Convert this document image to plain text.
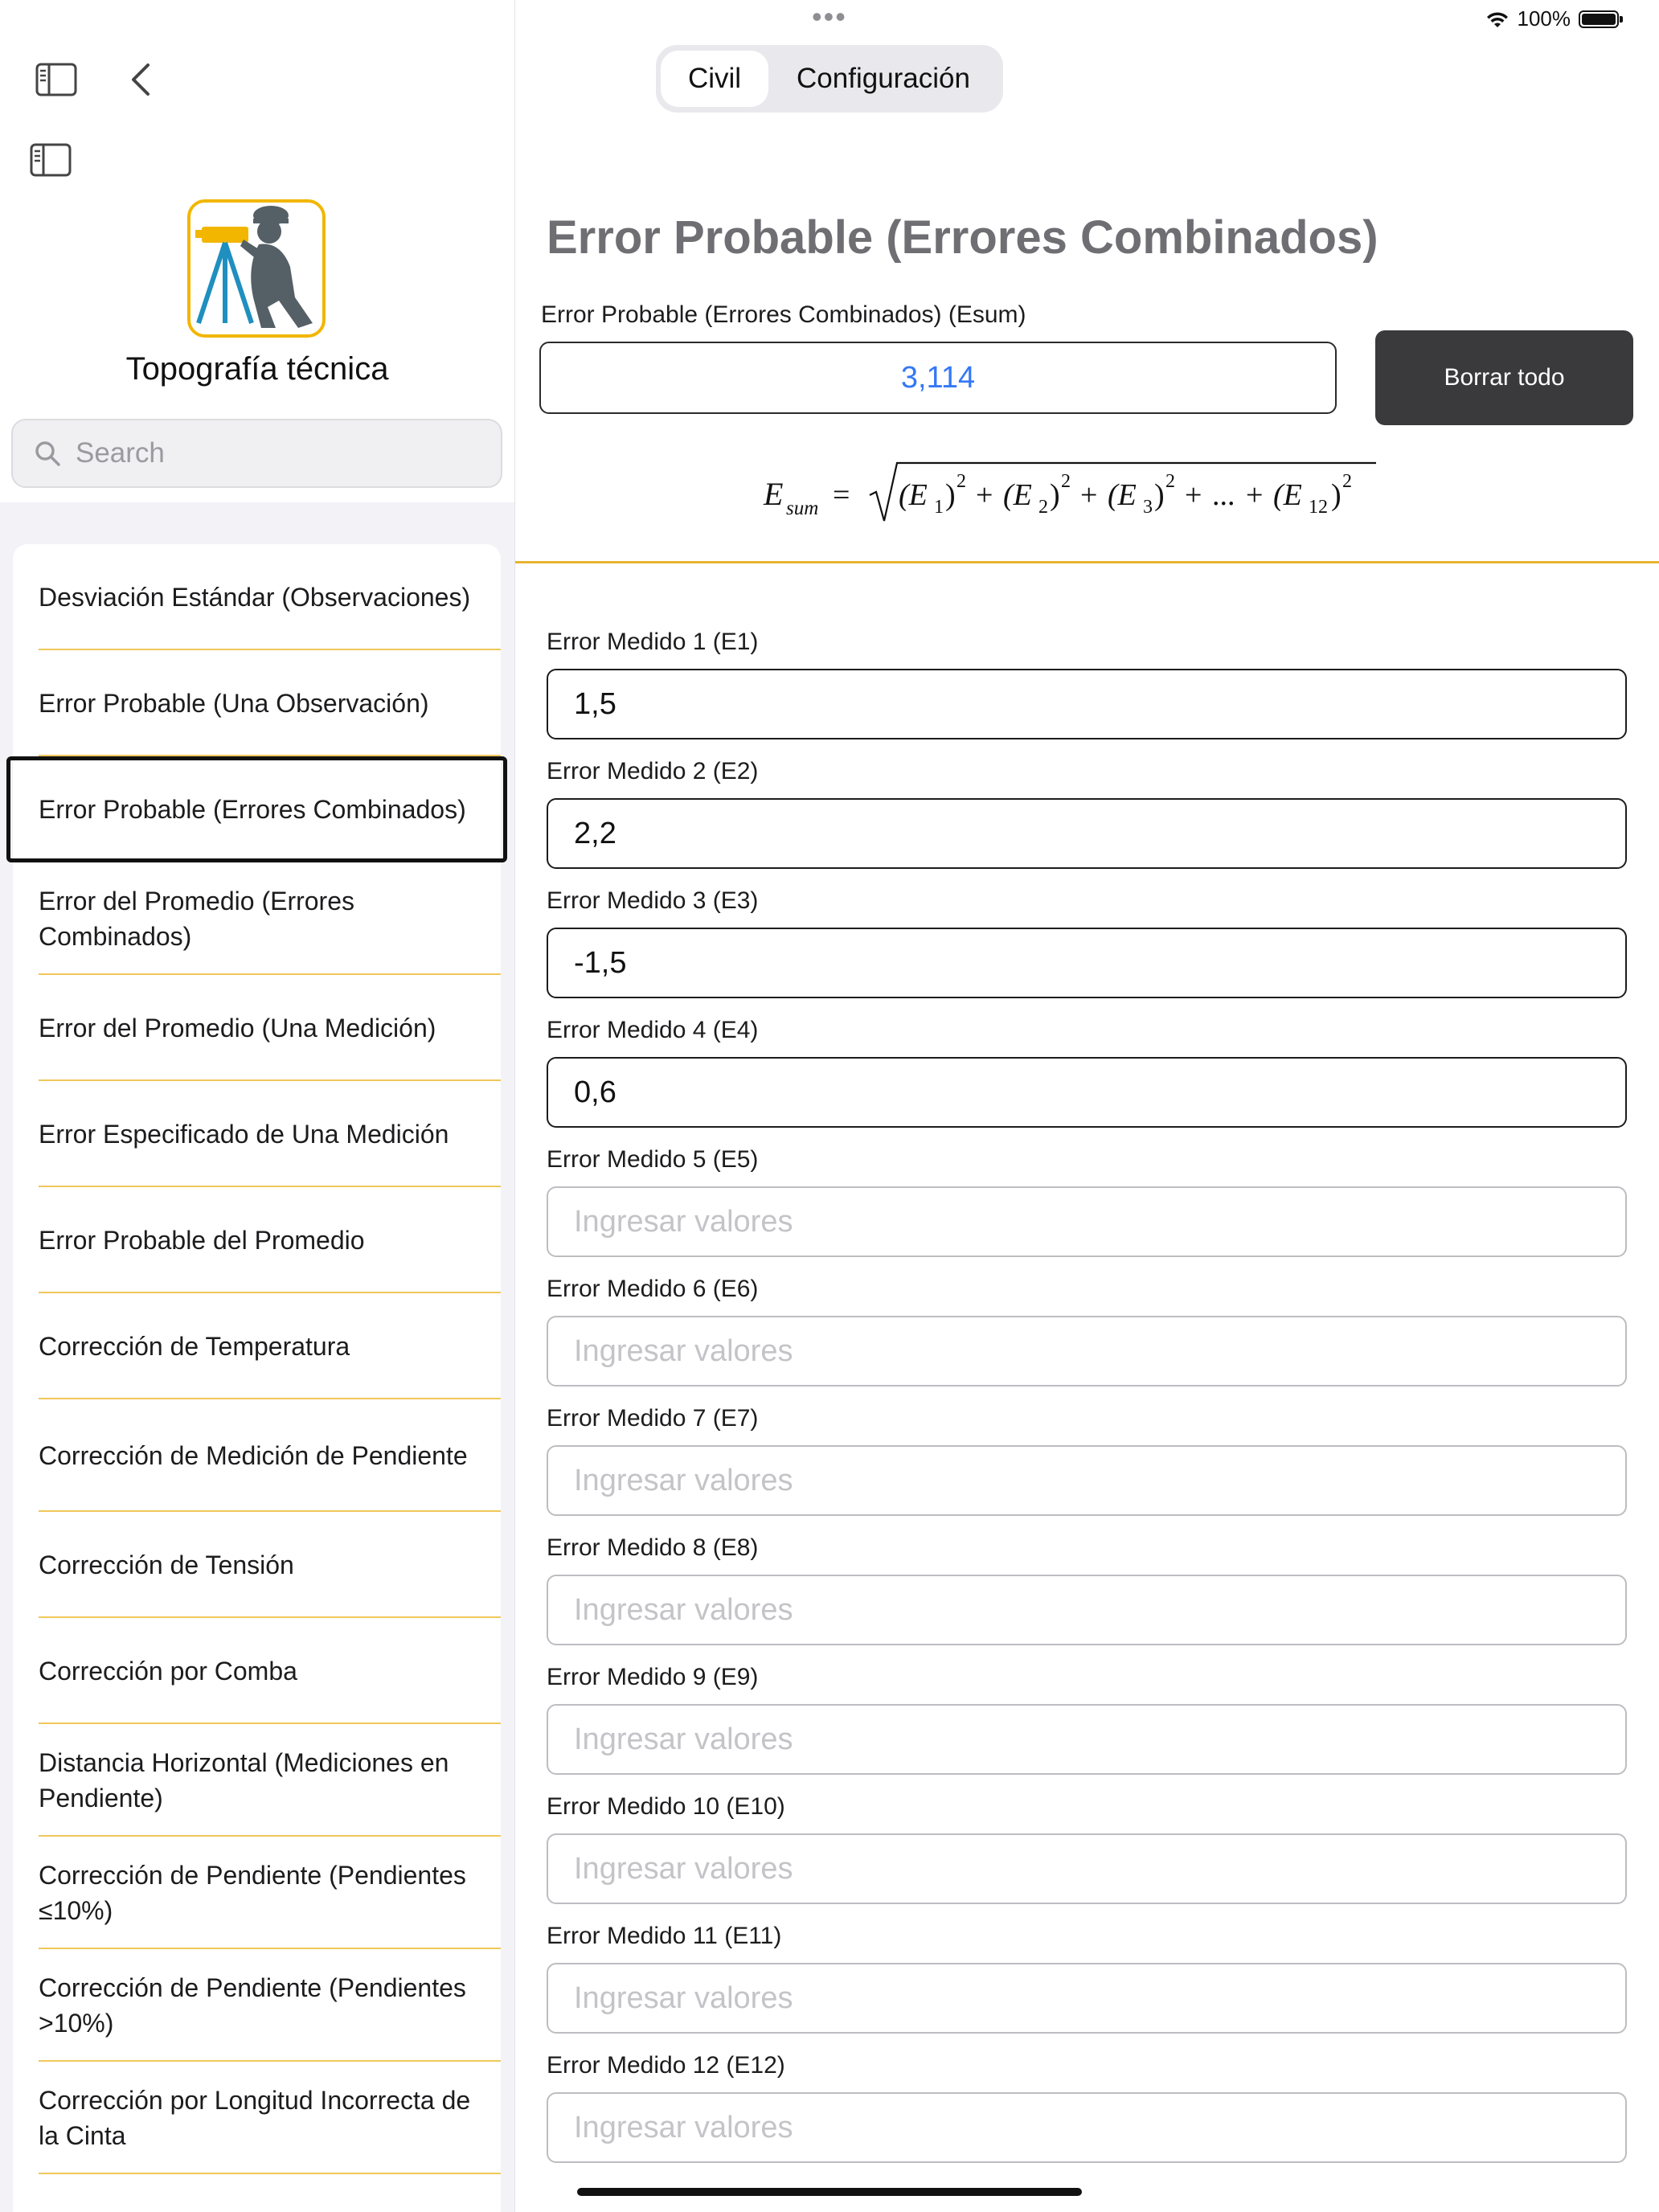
•••	100%
Topografía técnica
Search
Desviación Estándar (Observaciones)
Error Probable (Una Observación)
Error Probable (Errores Combinados)
Error del Promedio (Errores Combinados)
Error del Promedio (Una Medición)
Error Especificado de Una Medición
Error Probable del Promedio
Corrección de Temperatura
Corrección de Medición de Pendiente
Corrección de Tensión
Corrección por Comba
Distancia Horizontal (Mediciones en Pendiente)
Corrección de Pendiente (Pendientes ≤10%)
Corrección de Pendiente (Pendientes >10%)
Corrección por Longitud Incorrecta de la Cinta
Civil	Configuración
Error Probable (Errores Combinados)
Error Probable (Errores Combinados) (Esum)
3,114	Borrar todo
E sum = (E 1 ) 2 + (E 2 ) 2 + (E 3 ) 2 + ... + (E 12 ) 2
Error Medido 1 (E1)
1,5
Error Medido 2 (E2)
2,2
Error Medido 3 (E3)
-1,5
Error Medido 4 (E4)
0,6
Error Medido 5 (E5)
Ingresar valores
Error Medido 6 (E6)
Ingresar valores
Error Medido 7 (E7)
Ingresar valores
Error Medido 8 (E8)
Ingresar valores
Error Medido 9 (E9)
Ingresar valores
Error Medido 10 (E10)
Ingresar valores
Error Medido 11 (E11)
Ingresar valores
Error Medido 12 (E12)
Ingresar valores
